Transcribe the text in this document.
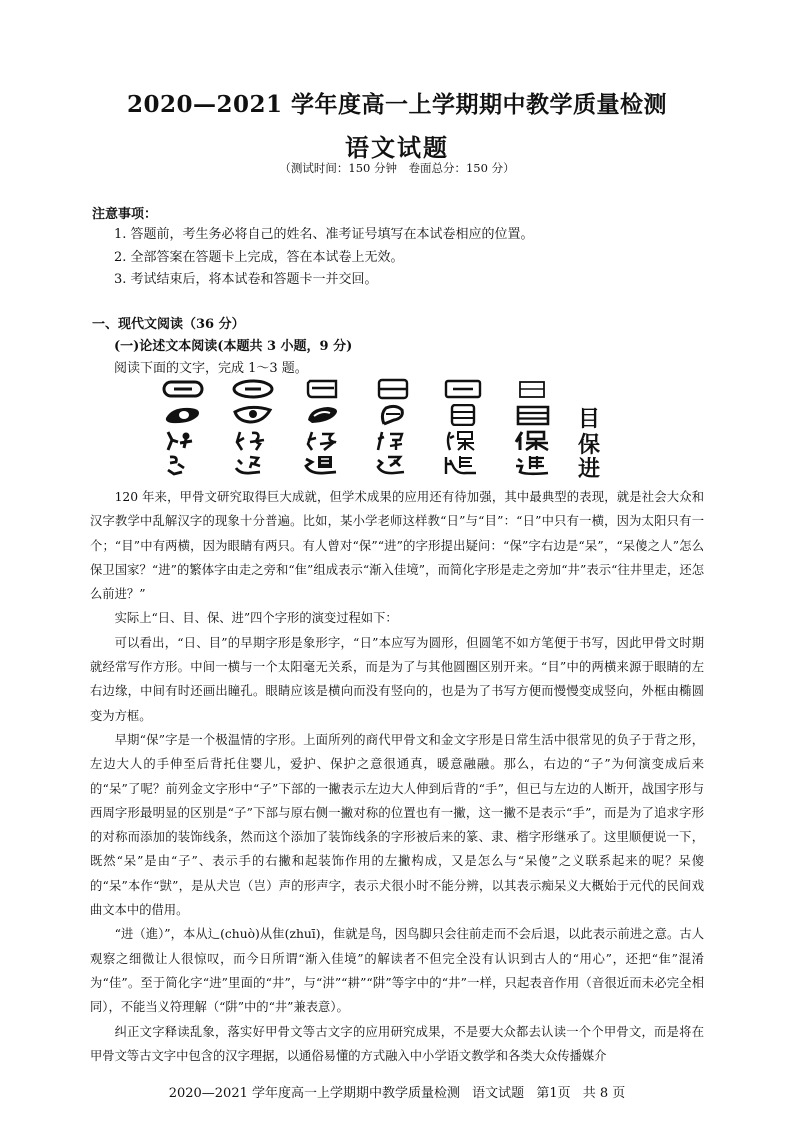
2020—2021 学年度高一上学期期中教学质量检测
语文试题
（测试时间：150 分钟　卷面总分：150 分）
注意事项：
1. 答题前，考生务必将自己的姓名、准考证号填写在本试卷相应的位置。
2. 全部答案在答题卡上完成，答在本试卷上无效。
3. 考试结束后，将本试卷和答题卡一并交回。
一、现代文阅读（36 分）
(一)论述文本阅读(本题共 3 小题，9 分)
阅读下面的文字，完成 1～3 题。
目
保
进

120 年来，甲骨文研究取得巨大成就，但学术成果的应用还有待加强，其中最典型的表现，就是社会大众和汉字教学中乱解汉字的现象十分普遍。比如，某小学老师这样教“日”与“目”：“日”中只有一横，因为太阳只有一个；“目”中有两横，因为眼睛有两只。有人曾对“保”“进”的字形提出疑问：“保”字右边是“呆”，“呆傻之人”怎么保卫国家？“进”的繁体字由走之旁和“隹”组成表示“渐入佳境”，而简化字形是走之旁加“井”表示“往井里走，还怎么前进？”

实际上“日、目、保、进”四个字形的演变过程如下：

可以看出，“日、目”的早期字形是象形字，“日”本应写为圆形，但圆笔不如方笔便于书写，因此甲骨文时期就经常写作方形。中间一横与一个太阳毫无关系，而是为了与其他圆圈区别开来。“目”中的两横来源于眼睛的左右边缘，中间有时还画出瞳孔。眼睛应该是横向而没有竖向的，也是为了书写方便而慢慢变成竖向，外框由椭圆变为方框。

早期“保”字是一个极温情的字形。上面所列的商代甲骨文和金文字形是日常生活中很常见的负子于背之形，左边大人的手伸至后背托住婴儿，爱护、保护之意很通真，暖意融融。那么，右边的“子”为何演变成后来的“呆”了呢？前列金文字形中“子”下部的一撇表示左边大人伸到后背的“手”，但已与左边的人断开，战国字形与西周字形最明显的区别是“子”下部与原右侧一撇对称的位置也有一撇，这一撇不是表示“手”，而是为了追求字形的对称而添加的装饰线条，然而这个添加了装饰线条的字形被后来的篆、隶、楷字形继承了。这里顺便说一下，既然“呆”是由“子”、表示手的右撇和起装饰作用的左撇构成，又是怎么与“呆傻”之义联系起来的呢？呆傻的“呆”本作“獃”，是从犬岂（岂）声的形声字，表示犬很小时不能分辨，以其表示痴呆义大概始于元代的民间戏曲文本中的借用。

“进（進）”，本从辶(chuò)从隹(zhuī)，隹就是鸟，因鸟脚只会往前走而不会后退，以此表示前进之意。古人观察之细微让人很惊叹，而今日所谓“渐入佳境”的解读者不但完全没有认识到古人的“用心”，还把“隹”混淆为“佳”。至于简化字“进”里面的“井”，与“汫”“耕”“阱”等字中的“井”一样，只起表音作用（音很近而未必完全相同），不能当义符理解（“阱”中的“井”兼表意）。

纠正文字释读乱象，落实好甲骨文等古文字的应用研究成果，不是要大众都去认读一个个甲骨文，而是将在甲骨文等古文字中包含的汉字理据，以通俗易懂的方式融入中小学语文教学和各类大众传播媒介

2020—2021 学年度高一上学期期中教学质量检测 语文试题 第1页 共 8 页
